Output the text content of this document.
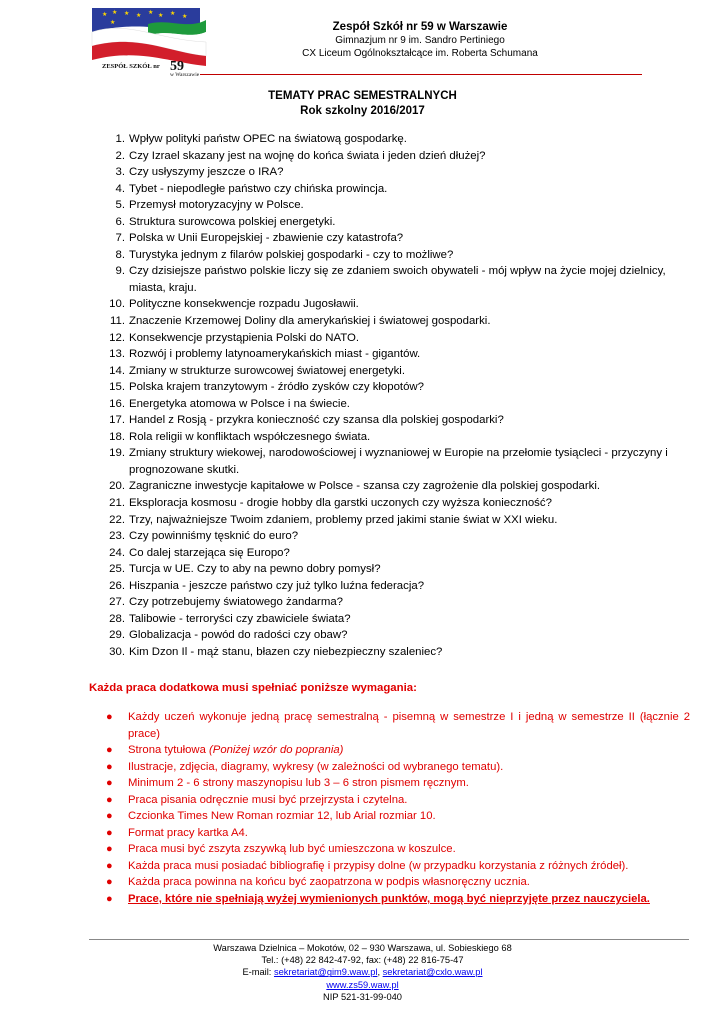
★ ★ ★ ★ ★ ★ ★ ★
★
ZESPÓŁ SZKÓŁ nr 59
w Warszawie
Zespół Szkół nr 59 w Warszawie
Gimnazjum nr 9 im. Sandro Pertiniego
CX Liceum Ogólnokształcące im. Roberta Schumana
TEMATY PRAC SEMESTRALNYCH
Rok szkolny 2016/2017
1. Wpływ polityki państw OPEC na światową gospodarkę.
2. Czy Izrael skazany jest na wojnę do końca świata i jeden dzień dłużej?
3. Czy usłyszymy jeszcze o IRA?
4. Tybet - niepodległe państwo czy chińska prowincja.
5. Przemysł motoryzacyjny w Polsce.
6. Struktura surowcowa polskiej energetyki.
7. Polska w Unii Europejskiej - zbawienie czy katastrofa?
8. Turystyka jednym z filarów polskiej gospodarki - czy to możliwe?
9. Czy dzisiejsze państwo polskie liczy się ze zdaniem swoich obywateli - mój wpływ na życie mojej dzielnicy, miasta, kraju.
10. Polityczne konsekwencje rozpadu Jugosławii.
11. Znaczenie Krzemowej Doliny dla amerykańskiej i światowej gospodarki.
12. Konsekwencje przystąpienia Polski do NATO.
13. Rozwój i problemy latynoamerykańskich miast - gigantów.
14. Zmiany w strukturze surowcowej światowej energetyki.
15. Polska krajem tranzytowym - źródło zysków czy kłopotów?
16. Energetyka atomowa w Polsce i na świecie.
17. Handel z Rosją - przykra konieczność czy szansa dla polskiej gospodarki?
18. Rola religii w konfliktach współczesnego świata.
19. Zmiany struktury wiekowej, narodowościowej i wyznaniowej w Europie na przełomie tysiącleci - przyczyny i prognozowane skutki.
20. Zagraniczne inwestycje kapitałowe w Polsce - szansa czy zagrożenie dla polskiej gospodarki.
21. Eksploracja kosmosu - drogie hobby dla garstki uczonych czy wyższa konieczność?
22. Trzy, najważniejsze Twoim zdaniem, problemy przed jakimi stanie świat w XXI wieku.
23. Czy powinniśmy tęsknić do euro?
24. Co dalej starzejąca się Europo?
25. Turcja w UE. Czy to aby na pewno dobry pomysł?
26. Hiszpania - jeszcze państwo czy już tylko luźna federacja?
27. Czy potrzebujemy światowego żandarma?
28. Talibowie - terroryści czy zbawiciele świata?
29. Globalizacja - powód do radości czy obaw?
30. Kim Dzon Il - mąż stanu, błazen czy niebezpieczny szaleniec?
Każda praca dodatkowa musi spełniać poniższe wymagania:
● Każdy uczeń wykonuje jedną pracę semestralną - pisemną w semestrze I i jedną w semestrze II (łącznie 2 prace)
● Strona tytułowa (Poniżej wzór do poprania)
● Ilustracje, zdjęcia, diagramy, wykresy (w zależności od wybranego tematu).
● Minimum 2 - 6 strony maszynopisu lub 3 – 6 stron pismem ręcznym.
● Praca pisania odręcznie musi być przejrzysta i czytelna.
● Czcionka Times New Roman rozmiar 12, lub Arial rozmiar 10.
● Format pracy kartka A4.
● Praca musi być zszyta zszywką lub być umieszczona w koszulce.
● Każda praca musi posiadać bibliografię i przypisy dolne (w przypadku korzystania z różnych źródeł).
● Każda praca powinna na końcu być zaopatrzona w podpis własnoręczny ucznia.
● Prace, które nie spełniają wyżej wymienionych punktów, mogą być nieprzyjęte przez nauczyciela.
Warszawa Dzielnica – Mokotów, 02 – 930 Warszawa, ul. Sobieskiego 68
Tel.: (+48) 22 842-47-92, fax: (+48) 22 816-75-47
E-mail: sekretariat@gim9.waw.pl, sekretariat@cxlo.waw.pl
www.zs59.waw.pl
NIP 521-31-99-040
